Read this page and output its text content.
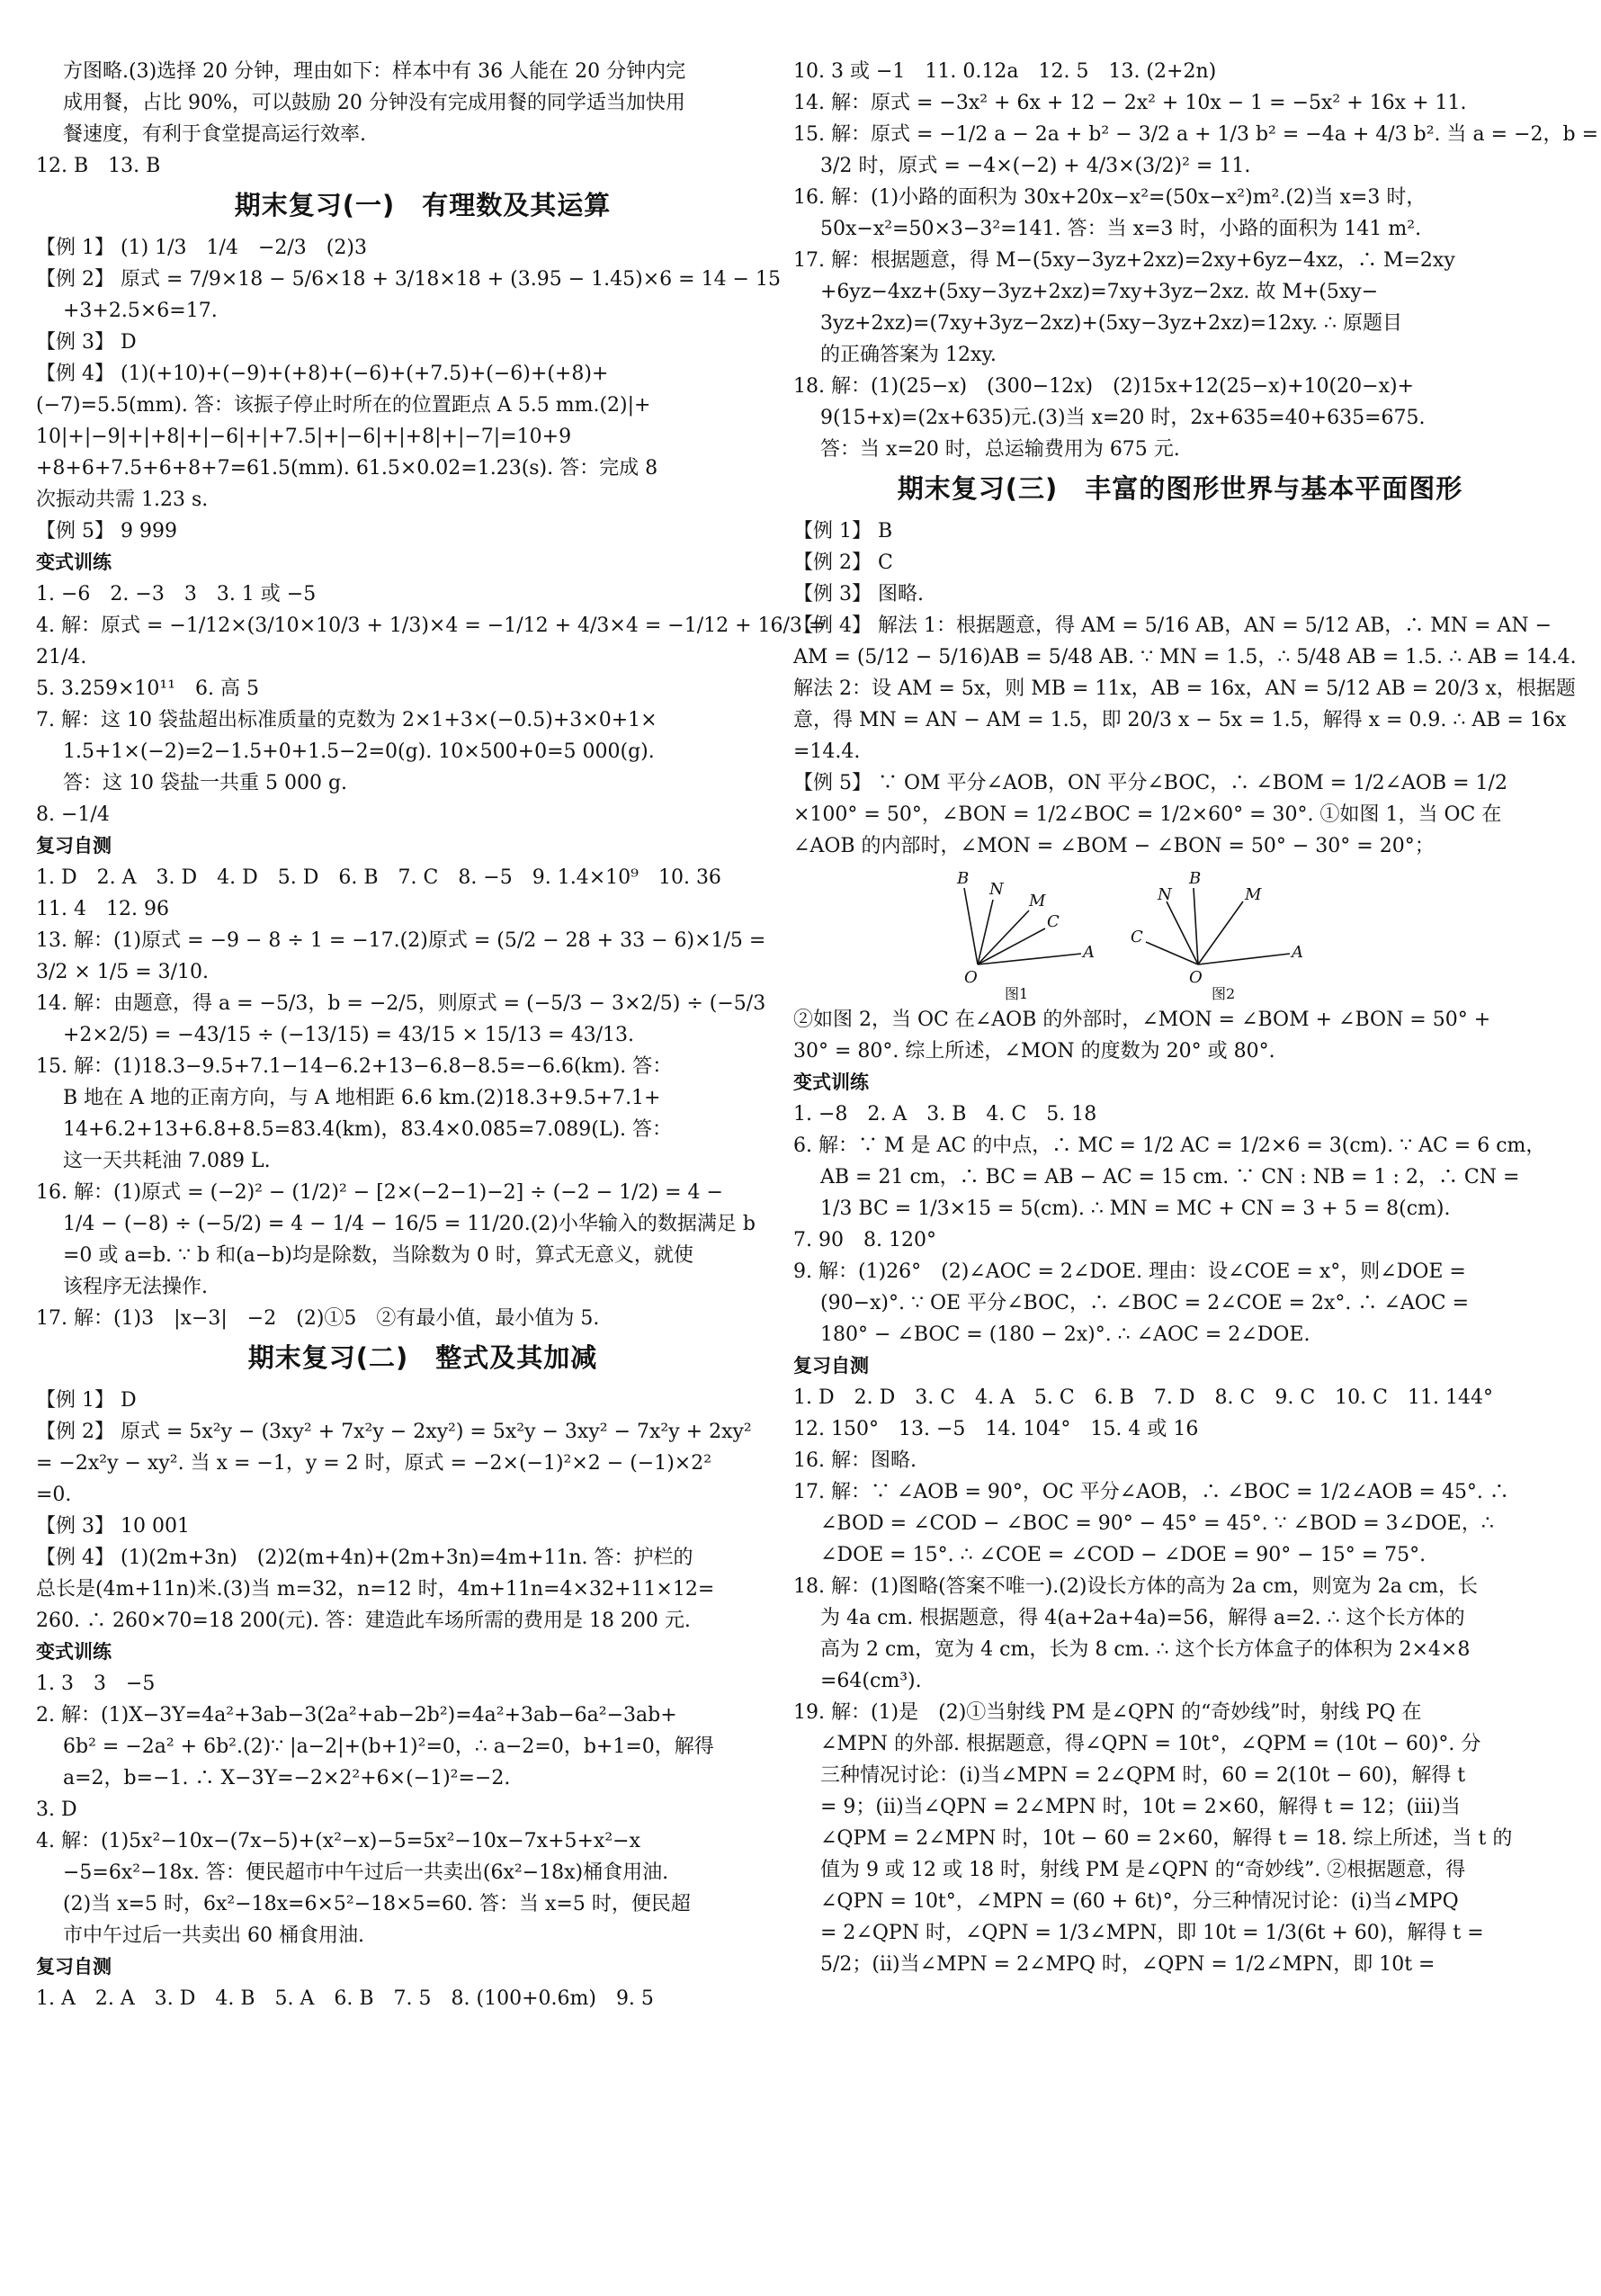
方图略.(3)选择 20 分钟，理由如下：样本中有 36 人能在 20 分钟内完
成用餐，占比 90%，可以鼓励 20 分钟没有完成用餐的同学适当加快用
餐速度，有利于食堂提高运行效率.
12. B　13. B
期末复习(一)　有理数及其运算
【例 1】 (1) 1/3　1/4　−2/3　(2)3
【例 2】 原式 = 7/9×18 − 5/6×18 + 3/18×18 + (3.95 − 1.45)×6 = 14 − 15
+3+2.5×6=17.
【例 3】 D
【例 4】 (1)(+10)+(−9)+(+8)+(−6)+(+7.5)+(−6)+(+8)+
(−7)=5.5(mm). 答：该振子停止时所在的位置距点 A 5.5 mm.(2)|+
10|+|−9|+|+8|+|−6|+|+7.5|+|−6|+|+8|+|−7|=10+9
+8+6+7.5+6+8+7=61.5(mm). 61.5×0.02=1.23(s). 答：完成 8
次振动共需 1.23 s.
【例 5】 9 999
变式训练
1. −6　2. −3　3　3. 1 或 −5
4. 解：原式 = −1/12×(3/10×10/3 + 1/3)×4 = −1/12 + 4/3×4 = −1/12 + 16/3 =
21/4.
5. 3.259×10¹¹　6. 高 5
7. 解：这 10 袋盐超出标准质量的克数为 2×1+3×(−0.5)+3×0+1×
1.5+1×(−2)=2−1.5+0+1.5−2=0(g). 10×500+0=5 000(g).
答：这 10 袋盐一共重 5 000 g.
8. −1/4
复习自测
1. D　2. A　3. D　4. D　5. D　6. B　7. C　8. −5　9. 1.4×10⁹　10. 36
11. 4　12. 96
13. 解：(1)原式 = −9 − 8 ÷ 1 = −17.(2)原式 = (5/2 − 28 + 33 − 6)×1/5 =
3/2 × 1/5 = 3/10.
14. 解：由题意，得 a = −5/3，b = −2/5，则原式 = (−5/3 − 3×2/5) ÷ (−5/3
+2×2/5) = −43/15 ÷ (−13/15) = 43/15 × 15/13 = 43/13.
15. 解：(1)18.3−9.5+7.1−14−6.2+13−6.8−8.5=−6.6(km). 答：
B 地在 A 地的正南方向，与 A 地相距 6.6 km.(2)18.3+9.5+7.1+
14+6.2+13+6.8+8.5=83.4(km)，83.4×0.085=7.089(L). 答：
这一天共耗油 7.089 L.
16. 解：(1)原式 = (−2)² − (1/2)² − [2×(−2−1)−2] ÷ (−2 − 1/2) = 4 −
1/4 − (−8) ÷ (−5/2) = 4 − 1/4 − 16/5 = 11/20.(2)小华输入的数据满足 b
=0 或 a=b. ∵ b 和(a−b)均是除数，当除数为 0 时，算式无意义，就使
该程序无法操作.
17. 解：(1)3　|x−3|　−2　(2)①5　②有最小值，最小值为 5.
期末复习(二)　整式及其加减
【例 1】 D
【例 2】 原式 = 5x²y − (3xy² + 7x²y − 2xy²) = 5x²y − 3xy² − 7x²y + 2xy²
= −2x²y − xy². 当 x = −1，y = 2 时，原式 = −2×(−1)²×2 − (−1)×2²
=0.
【例 3】 10 001
【例 4】 (1)(2m+3n)　(2)2(m+4n)+(2m+3n)=4m+11n. 答：护栏的
总长是(4m+11n)米.(3)当 m=32，n=12 时，4m+11n=4×32+11×12=
260. ∴ 260×70=18 200(元). 答：建造此车场所需的费用是 18 200 元.
变式训练
1. 3　3　−5
2. 解：(1)X−3Y=4a²+3ab−3(2a²+ab−2b²)=4a²+3ab−6a²−3ab+
6b² = −2a² + 6b².(2)∵ |a−2|+(b+1)²=0，∴ a−2=0，b+1=0，解得
a=2，b=−1. ∴ X−3Y=−2×2²+6×(−1)²=−2.
3. D
4. 解：(1)5x²−10x−(7x−5)+(x²−x)−5=5x²−10x−7x+5+x²−x
−5=6x²−18x. 答：便民超市中午过后一共卖出(6x²−18x)桶食用油.
(2)当 x=5 时，6x²−18x=6×5²−18×5=60. 答：当 x=5 时，便民超
市中午过后一共卖出 60 桶食用油.
复习自测
1. A　2. A　3. D　4. B　5. A　6. B　7. 5　8. (100+0.6m)　9. 5
10. 3 或 −1　11. 0.12a　12. 5　13. (2+2n)
14. 解：原式 = −3x² + 6x + 12 − 2x² + 10x − 1 = −5x² + 16x + 11.
15. 解：原式 = −1/2 a − 2a + b² − 3/2 a + 1/3 b² = −4a + 4/3 b². 当 a = −2，b =
3/2 时，原式 = −4×(−2) + 4/3×(3/2)² = 11.
16. 解：(1)小路的面积为 30x+20x−x²=(50x−x²)m².(2)当 x=3 时，
50x−x²=50×3−3²=141. 答：当 x=3 时，小路的面积为 141 m².
17. 解：根据题意，得 M−(5xy−3yz+2xz)=2xy+6yz−4xz，∴ M=2xy
+6yz−4xz+(5xy−3yz+2xz)=7xy+3yz−2xz. 故 M+(5xy−
3yz+2xz)=(7xy+3yz−2xz)+(5xy−3yz+2xz)=12xy. ∴ 原题目
的正确答案为 12xy.
18. 解：(1)(25−x)　(300−12x)　(2)15x+12(25−x)+10(20−x)+
9(15+x)=(2x+635)元.(3)当 x=20 时，2x+635=40+635=675.
答：当 x=20 时，总运输费用为 675 元.
期末复习(三)　丰富的图形世界与基本平面图形
【例 1】 B
【例 2】 C
【例 3】 图略.
【例 4】 解法 1：根据题意，得 AM = 5/16 AB，AN = 5/12 AB，∴ MN = AN −
AM = (5/12 − 5/16)AB = 5/48 AB. ∵ MN = 1.5，∴ 5/48 AB = 1.5. ∴ AB = 14.4.
解法 2：设 AM = 5x，则 MB = 11x，AB = 16x，AN = 5/12 AB = 20/3 x，根据题
意，得 MN = AN − AM = 1.5，即 20/3 x − 5x = 1.5，解得 x = 0.9. ∴ AB = 16x
=14.4.
【例 5】 ∵ OM 平分∠AOB，ON 平分∠BOC，∴ ∠BOM = 1/2∠AOB = 1/2
×100° = 50°，∠BON = 1/2∠BOC = 1/2×60° = 30°. ①如图 1，当 OC 在
∠AOB 的内部时，∠MON = ∠BOM − ∠BON = 50° − 30° = 20°；
B
N
M
C
O
A
图1
N
B
M
C
O
A
图2
②如图 2，当 OC 在∠AOB 的外部时，∠MON = ∠BOM + ∠BON = 50° +
30° = 80°. 综上所述，∠MON 的度数为 20° 或 80°.
变式训练
1. −8　2. A　3. B　4. C　5. 18
6. 解：∵ M 是 AC 的中点，∴ MC = 1/2 AC = 1/2×6 = 3(cm). ∵ AC = 6 cm，
AB = 21 cm，∴ BC = AB − AC = 15 cm. ∵ CN : NB = 1 : 2，∴ CN =
1/3 BC = 1/3×15 = 5(cm). ∴ MN = MC + CN = 3 + 5 = 8(cm).
7. 90　8. 120°
9. 解：(1)26°　(2)∠AOC = 2∠DOE. 理由：设∠COE = x°，则∠DOE =
(90−x)°. ∵ OE 平分∠BOC，∴ ∠BOC = 2∠COE = 2x°. ∴ ∠AOC =
180° − ∠BOC = (180 − 2x)°. ∴ ∠AOC = 2∠DOE.
复习自测
1. D　2. D　3. C　4. A　5. C　6. B　7. D　8. C　9. C　10. C　11. 144°
12. 150°　13. −5　14. 104°　15. 4 或 16
16. 解：图略.
17. 解：∵ ∠AOB = 90°，OC 平分∠AOB，∴ ∠BOC = 1/2∠AOB = 45°. ∴
∠BOD = ∠COD − ∠BOC = 90° − 45° = 45°. ∵ ∠BOD = 3∠DOE，∴
∠DOE = 15°. ∴ ∠COE = ∠COD − ∠DOE = 90° − 15° = 75°.
18. 解：(1)图略(答案不唯一).(2)设长方体的高为 2a cm，则宽为 2a cm，长
为 4a cm. 根据题意，得 4(a+2a+4a)=56，解得 a=2. ∴ 这个长方体的
高为 2 cm，宽为 4 cm，长为 8 cm. ∴ 这个长方体盒子的体积为 2×4×8
=64(cm³).
19. 解：(1)是　(2)①当射线 PM 是∠QPN 的“奇妙线”时，射线 PQ 在
∠MPN 的外部. 根据题意，得∠QPN = 10t°，∠QPM = (10t − 60)°. 分
三种情况讨论：(ⅰ)当∠MPN = 2∠QPM 时，60 = 2(10t − 60)，解得 t
= 9；(ⅱ)当∠QPN = 2∠MPN 时，10t = 2×60，解得 t = 12；(ⅲ)当
∠QPM = 2∠MPN 时，10t − 60 = 2×60，解得 t = 18. 综上所述，当 t 的
值为 9 或 12 或 18 时，射线 PM 是∠QPN 的“奇妙线”. ②根据题意，得
∠QPN = 10t°，∠MPN = (60 + 6t)°，分三种情况讨论：(ⅰ)当∠MPQ
= 2∠QPN 时，∠QPN = 1/3∠MPN，即 10t = 1/3(6t + 60)，解得 t =
5/2；(ⅱ)当∠MPN = 2∠MPQ 时，∠QPN = 1/2∠MPN，即 10t =
